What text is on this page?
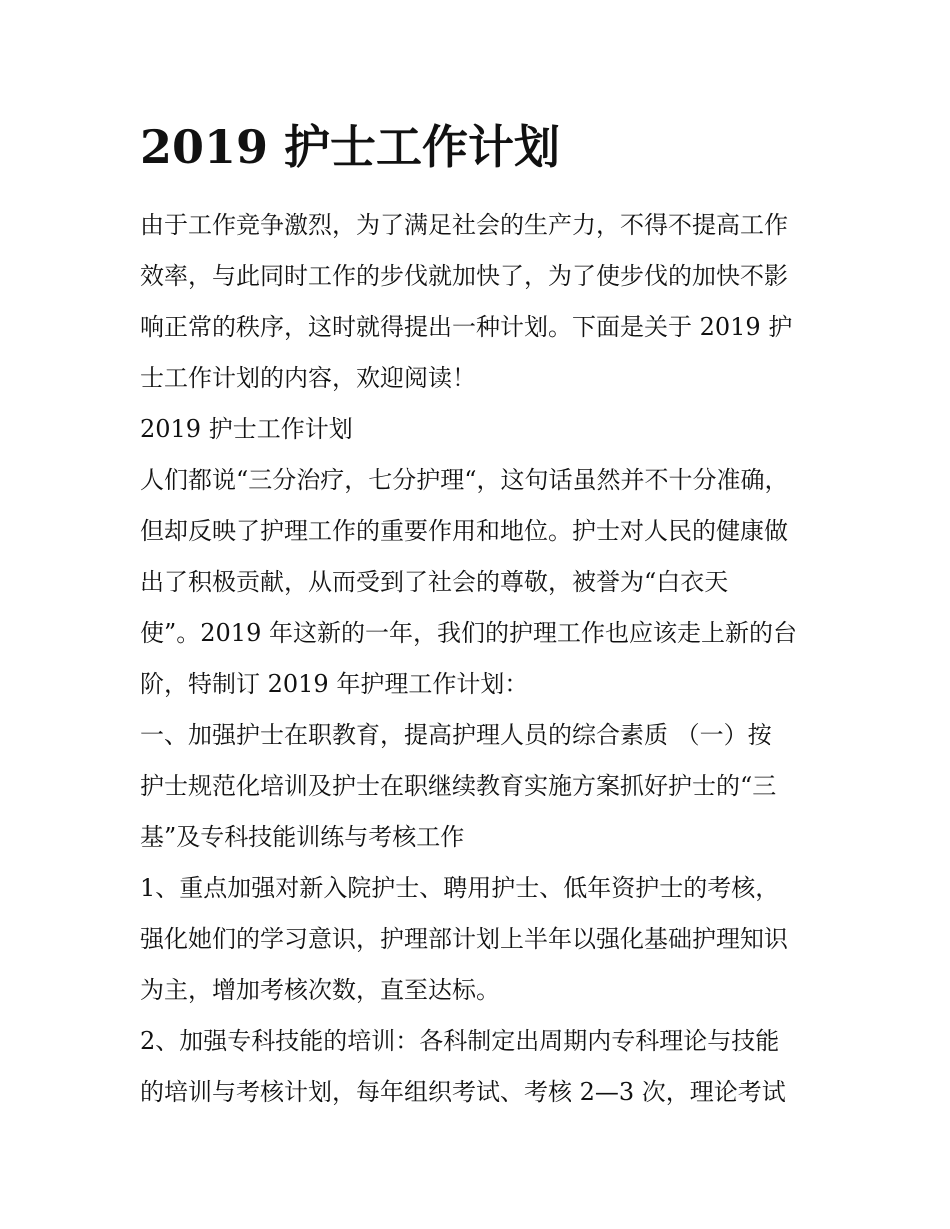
2019 护士工作计划

由于工作竞争激烈，为了满足社会的生产力，不得不提高工作

效率，与此同时工作的步伐就加快了，为了使步伐的加快不影

响正常的秩序，这时就得提出一种计划。下面是关于 2019 护

士工作计划的内容，欢迎阅读！

2019 护士工作计划

人们都说“三分治疗，七分护理“，这句话虽然并不十分准确，

但却反映了护理工作的重要作用和地位。护士对人民的健康做

出了积极贡献，从而受到了社会的尊敬，被誉为“白衣天

使”。2019 年这新的一年，我们的护理工作也应该走上新的台

阶，特制订 2019 年护理工作计划：

一、加强护士在职教育，提高护理人员的综合素质 （一）按

护士规范化培训及护士在职继续教育实施方案抓好护士的“三

基”及专科技能训练与考核工作

1、重点加强对新入院护士、聘用护士、低年资护士的考核，

强化她们的学习意识，护理部计划上半年以强化基础护理知识

为主，增加考核次数，直至达标。

2、加强专科技能的培训：各科制定出周期内专科理论与技能

的培训与考核计划，每年组织考试、考核 2—3 次，理论考试
